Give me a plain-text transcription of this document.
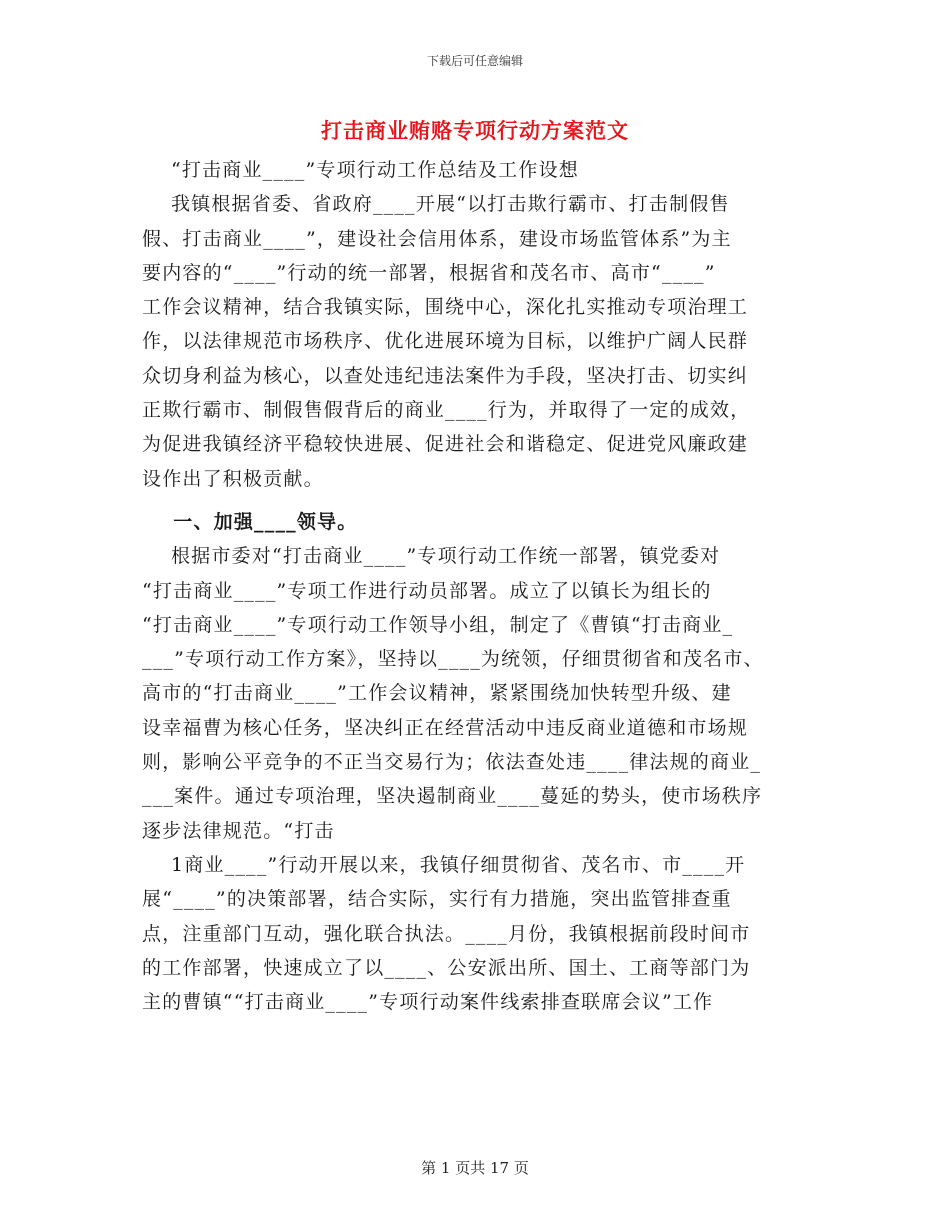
下载后可任意编辑
打击商业贿赂专项行动方案范文
“打击商业____”专项行动工作总结及工作设想
我镇根据省委、省政府____开展“以打击欺行霸市、打击制假售
假、打击商业____”，建设社会信用体系，建设市场监管体系”为主
要内容的“____”行动的统一部署，根据省和茂名市、高市“____”
工作会议精神，结合我镇实际，围绕中心，深化扎实推动专项治理工
作，以法律规范市场秩序、优化进展环境为目标，以维护广阔人民群
众切身利益为核心，以查处违纪违法案件为手段，坚决打击、切实纠
正欺行霸市、制假售假背后的商业____行为，并取得了一定的成效，
为促进我镇经济平稳较快进展、促进社会和谐稳定、促进党风廉政建
设作出了积极贡献。
一、加强____领导。
根据市委对“打击商业____”专项行动工作统一部署，镇党委对
“打击商业____”专项工作进行动员部署。成立了以镇长为组长的
“打击商业____”专项行动工作领导小组，制定了《曹镇“打击商业_
___”专项行动工作方案》，坚持以____为统领，仔细贯彻省和茂名市、
高市的“打击商业____”工作会议精神，紧紧围绕加快转型升级、建
设幸福曹为核心任务，坚决纠正在经营活动中违反商业道德和市场规
则，影响公平竞争的不正当交易行为；依法查处违____律法规的商业_
___案件。通过专项治理，坚决遏制商业____蔓延的势头，使市场秩序
逐步法律规范。“打击
1商业____”行动开展以来，我镇仔细贯彻省、茂名市、市____开
展“____”的决策部署，结合实际，实行有力措施，突出监管排查重
点，注重部门互动，强化联合执法。____月份，我镇根据前段时间市
的工作部署，快速成立了以____、公安派出所、国土、工商等部门为
主的曹镇““打击商业____”专项行动案件线索排查联席会议”工作
第 1 页共 17 页
